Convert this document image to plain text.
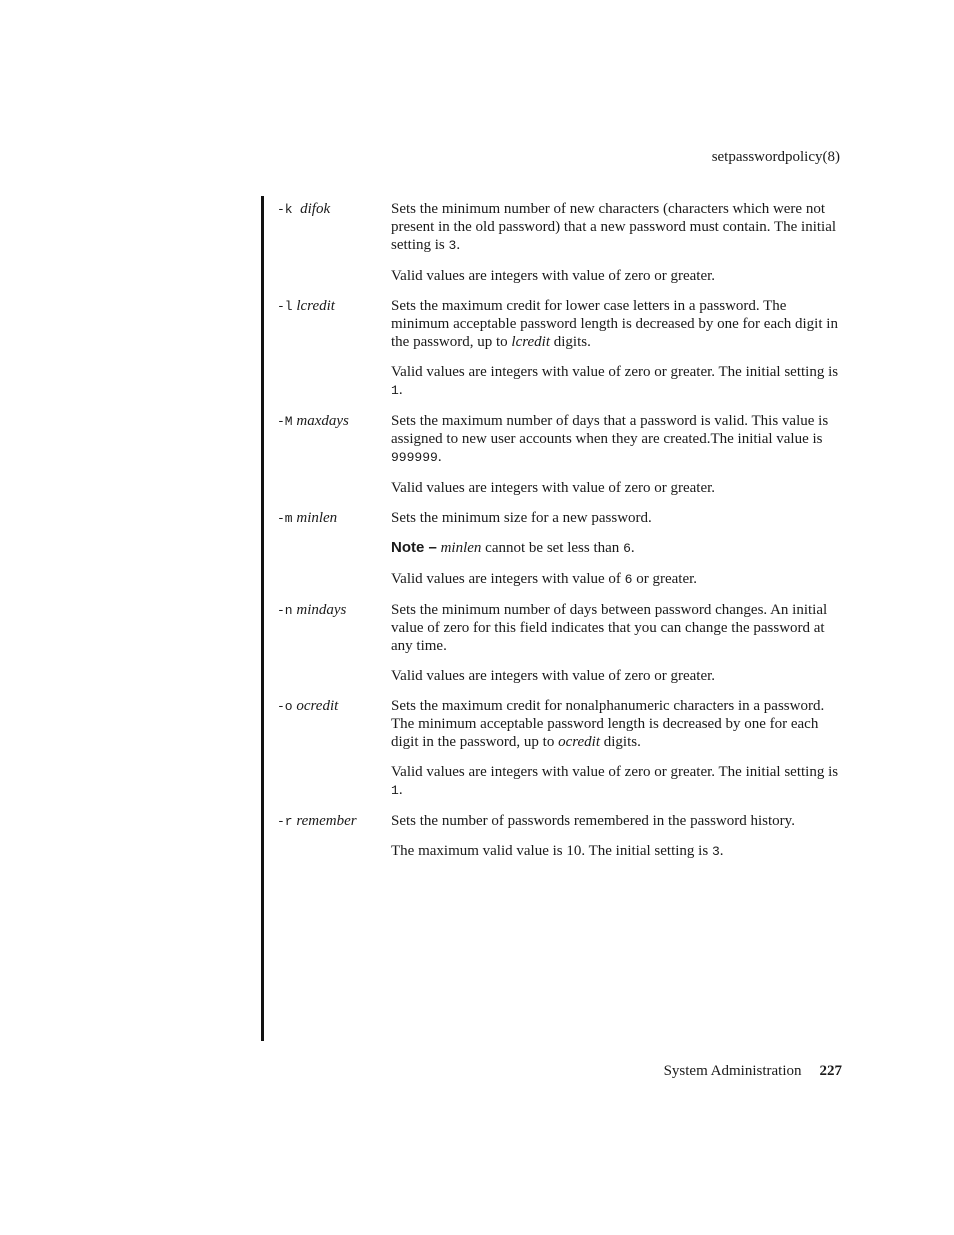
setpasswordpolicy(8)
-k difok	Sets the minimum number of new characters (characters which were not present in the old password) that a new password must contain. The initial setting is 3.

Valid values are integers with value of zero or greater.

-l lcredit	Sets the maximum credit for lower case letters in a password. The minimum acceptable password length is decreased by one for each digit in the password, up to lcredit digits.

Valid values are integers with value of zero or greater. The initial setting is 1.

-M maxdays	Sets the maximum number of days that a password is valid. This value is assigned to new user accounts when they are created.The initial value is 999999.

Valid values are integers with value of zero or greater.

-m minlen	Sets the minimum size for a new password.

Note – minlen cannot be set less than 6.

Valid values are integers with value of 6 or greater.

-n mindays	Sets the minimum number of days between password changes. An initial value of zero for this field indicates that you can change the password at any time.

Valid values are integers with value of zero or greater.

-o ocredit	Sets the maximum credit for nonalphanumeric characters in a password. The minimum acceptable password length is decreased by one for each digit in the password, up to ocredit digits.

Valid values are integers with value of zero or greater. The initial setting is 1.

-r remember	Sets the number of passwords remembered in the password history.

The maximum valid value is 10. The initial setting is 3.

System Administration 227
